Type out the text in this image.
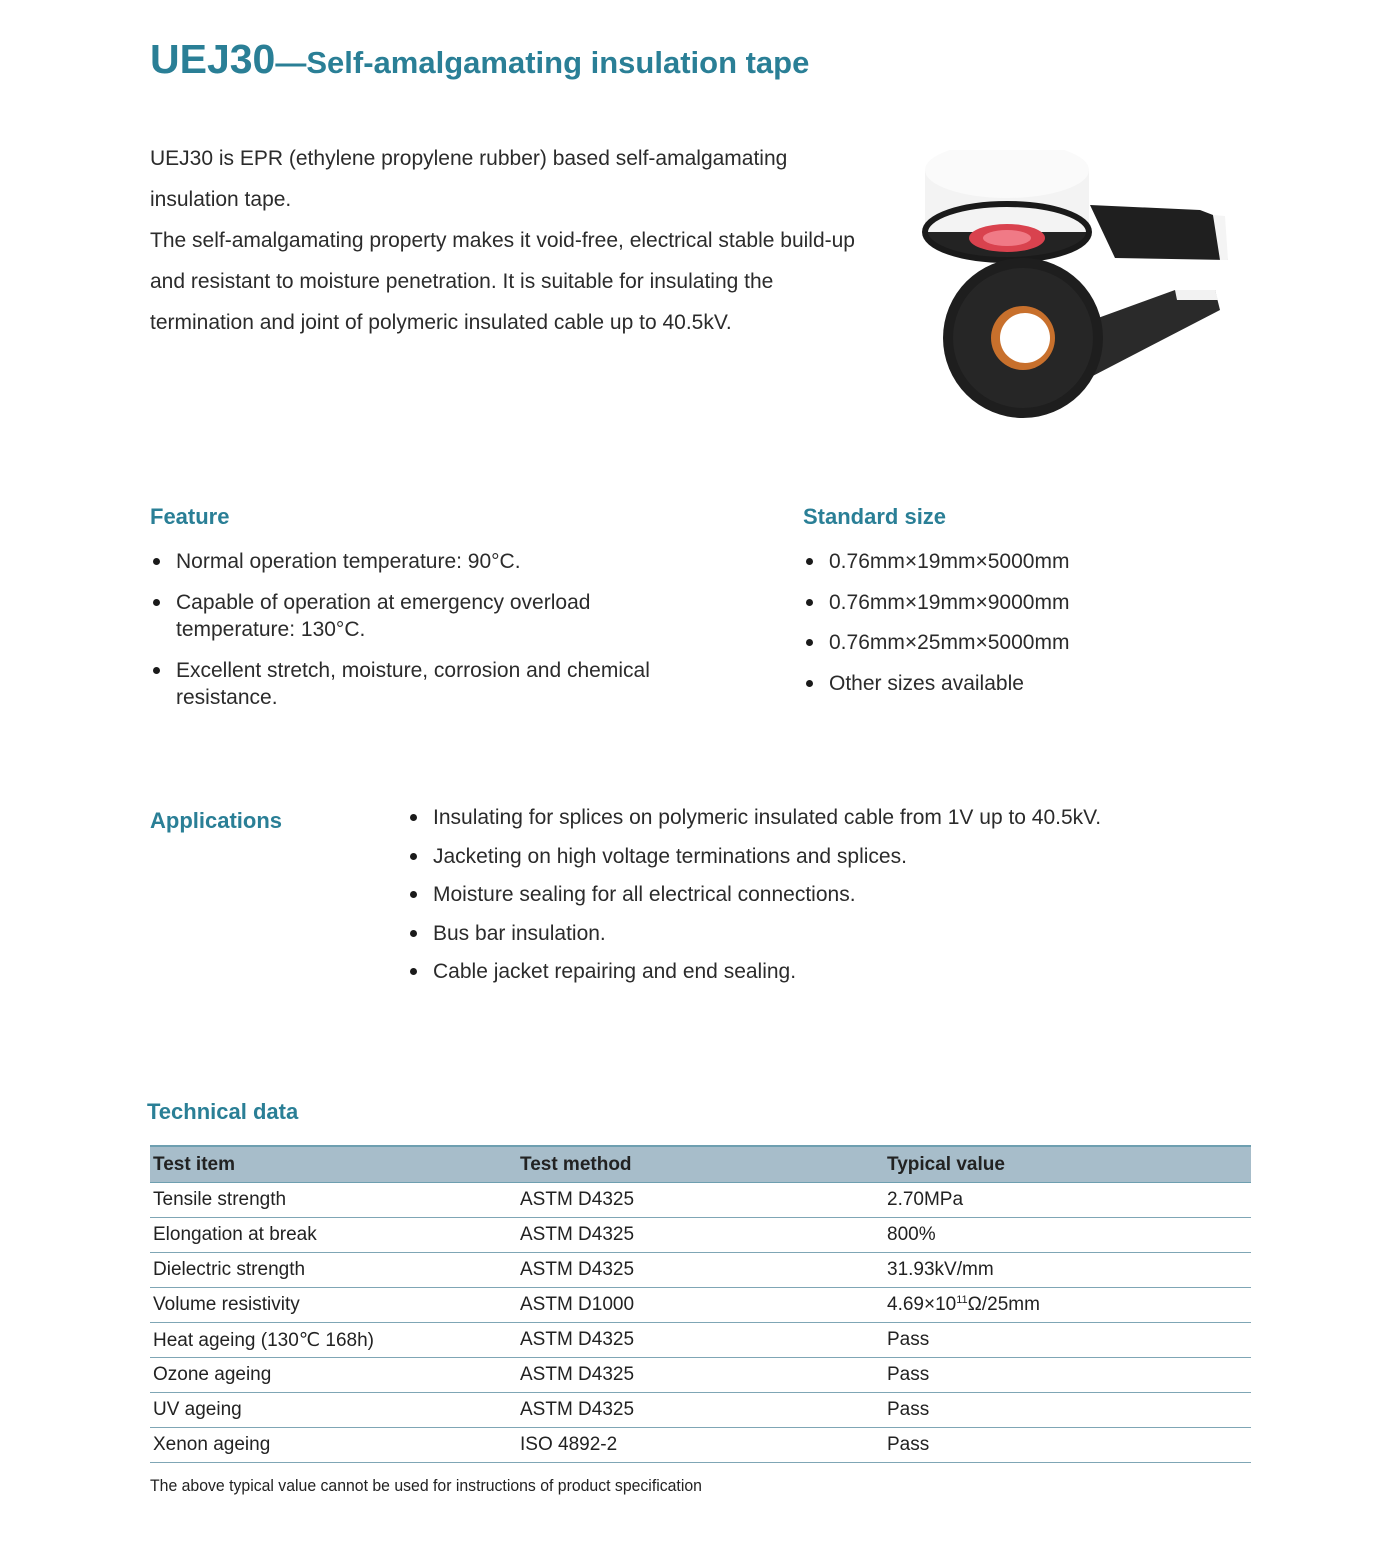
UEJ30—Self-amalgamating insulation tape

UEJ30 is EPR (ethylene propylene rubber) based self-amalgamating insulation tape.

The self-amalgamating property makes it void-free, electrical stable build-up and resistant to moisture penetration. It is suitable for insulating the termination and joint of polymeric insulated cable up to 40.5kV.

Feature
Normal operation temperature: 90°C.
Capable of operation at emergency overload temperature: 130°C.
Excellent stretch, moisture, corrosion and chemical resistance.
Standard size
0.76mm×19mm×5000mm
0.76mm×19mm×9000mm
0.76mm×25mm×5000mm
Other sizes available
Applications	Insulating for splices on polymeric insulated cable from 1V up to 40.5kV.
Jacketing on high voltage terminations and splices.
Moisture sealing for all electrical connections.
Bus bar insulation.
Cable jacket repairing and end sealing.
Technical data
Test item	Test method	Typical value
Tensile strength	ASTM D4325	2.70MPa
Elongation at break	ASTM D4325	800%
Dielectric strength	ASTM D4325	31.93kV/mm
Volume resistivity	ASTM D1000	$4.69\times 10^{11}\Omega/25mm$
Heat ageing (130℃ 168h)	ASTM D4325	Pass
Ozone ageing	ASTM D4325	Pass
UV ageing	ASTM D4325	Pass
Xenon ageing	ISO 4892-2	Pass
The above typical value cannot be used for instructions of product specification
